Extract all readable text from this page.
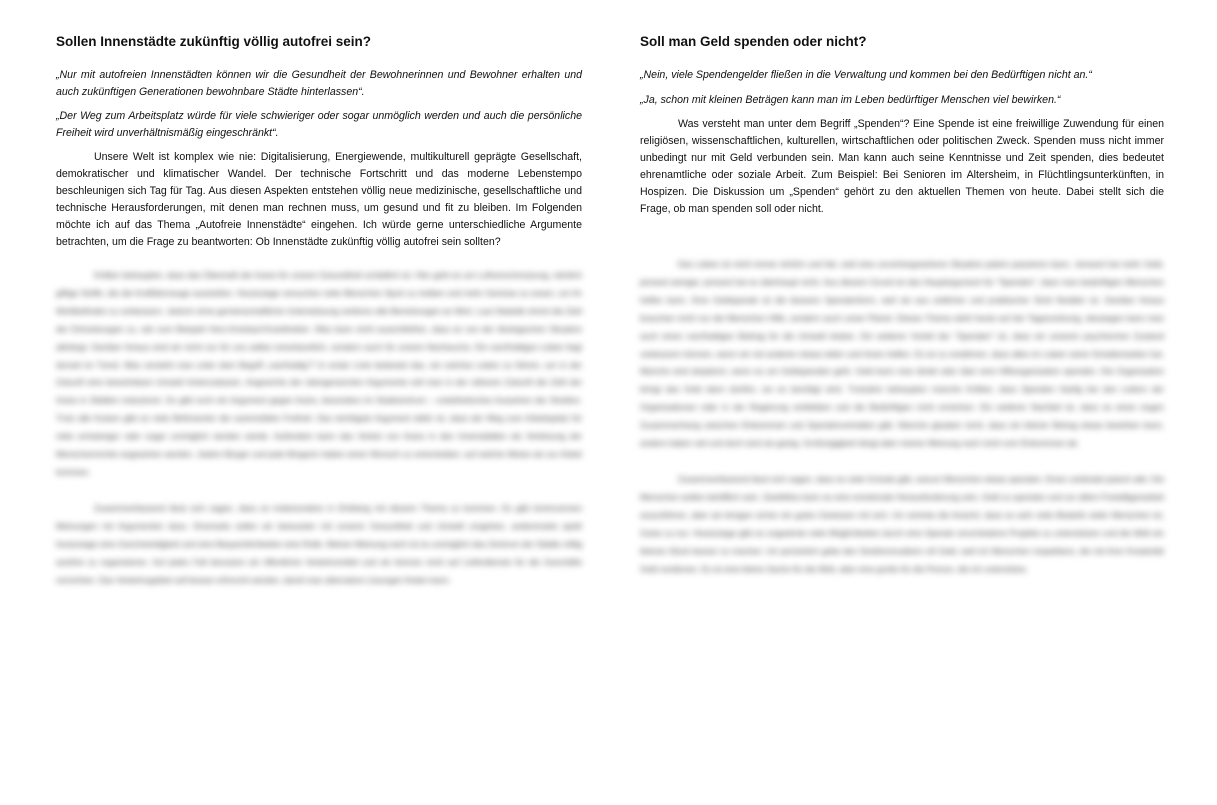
Sollen Innenstädte zukünftig völlig autofrei sein?

„Nur mit autofreien Innenstädten können wir die Gesundheit der Bewohnerinnen und Bewohner erhalten und auch zukünftigen Generationen bewohnbare Städte hinterlassen“.

„Der Weg zum Arbeitsplatz würde für viele schwieriger oder sogar unmöglich werden und auch die persönliche Freiheit wird unverhältnismäßig eingeschränkt“.

Unsere Welt ist komplex wie nie: Digitalisierung, Energiewende, multikulturell geprägte Gesellschaft, demokratischer und klimatischer Wandel. Der technische Fortschritt und das moderne Lebenstempo beschleunigen sich Tag für Tag. Aus diesen Aspekten entstehen völlig neue medizinische, gesellschaftliche und technische Herausforderungen, mit denen man rechnen muss, um gesund und fit zu bleiben. Im Folgenden möchte ich auf das Thema „Autofreie Innenstädte“ eingehen. Ich würde gerne unterschiedliche Argumente betrachten, um die Frage zu beantworten: Ob Innenstädte zukünftig völlig autofrei sein sollten?

Kritiker behaupten, dass das Übermaß der Autos für unsere Gesundheit schädlich ist. Hier geht es um Luftverschmutzung, nämlich giftige Stoffe, die die Kraftfahrzeuge ausstoßen. Heutzutage versuchen viele Menschen Sport zu treiben und mehr Gemüse zu essen, um ihr Wohlbefinden zu verbessern. Jedoch ohne gemeinschaftliche Unterstützung verlieren alle Bemühungen an Wert. Laut Statistik nimmt die Zahl der Erkrankungen zu, wie zum Beispiel Herz-Kreislauf-Krankheiten. Was kann nicht ausschließen, dass es von der ökologischen Situation abhängt. Darüber hinaus sind wir nicht nur für uns selbst verantwortlich, sondern auch für unsere Nachwuchs. Ein nachhaltiges Leben liegt derzeit im Trend. Was versteht man unter dem Begriff „nachhaltig“? In erster Linie bedeutet das, ein solches Leben zu führen, um in der Zukunft eine bewohnbare Umwelt hinterzulassen. Angesichts der obengenannten Argumente soll man in der näheren Zukunft die Zahl der Autos in Städten reduzieren. Es gibt noch ein Argument gegen Autos, besonders im Stadtzentrum – unästhetisches Aussehen der Straßen. Trotz alle Kutsen gibt es viele Befürworter der automobilen Freiheit. Das wichtigste Argument dafür ist, dass der Weg zum Arbeitsplatz für viele schwieriger oder sogar unmöglich werden würde. Außerdem kann das Verbot von Autos in den Innenstädten als Verletzung der Menschenrechte angesehen werden. Jedem Bürger und jede Bürgerin haben einen Wunsch zu entscheiden, auf welche Weise sie zur Arbeit kommen.

Zusammenfassend lässt sich sagen, dass es insbesondere in Einklang mit diesem Thema zu kommen. Es gibt kontroversen Meinungen mit Argumenten dazu. Einerseits sollen wir bewusster mit unserer Gesundheit und Umwelt umgehen, andererseits spielt heutzutage eine Geschwindigkeit und eine Bequemlichkeiten eine Rolle. Meiner Meinung nach ist es unmöglich das Zentrum der Städte völlig autofrei zu organisieren. Auf jeden Fall benutzen wir öffentliche Verkehrsmittel und wir können nicht auf Lieferdienste für die Geschäfte verzichten. Das Verkehrsgebiet soll besser erforscht werden, damit man alternative Lösungen finden kann.

Soll man Geld spenden oder nicht?

„Nein, viele Spendengelder fließen in die Verwaltung und kommen bei den Bedürftigen nicht an.“

„Ja, schon mit kleinen Beträgen kann man im Leben bedürftiger Menschen viel bewirken.“

Was versteht man unter dem Begriff „Spenden“? Eine Spende ist eine freiwillige Zuwendung für einen religiösen, wissenschaftlichen, kulturellen, wirtschaftlichen oder politischen Zweck. Spenden muss nicht immer unbedingt nur mit Geld verbunden sein. Man kann auch seine Kenntnisse und Zeit spenden, dies bedeutet ehrenamtliche oder soziale Arbeit. Zum Beispiel: Bei Senioren im Altersheim, in Flüchtlingsunterkünften, in Hospizen. Die Diskussion um „Spenden“ gehört zu den aktuellen Themen von heute. Dabei stellt sich die Frage, ob man spenden soll oder nicht.

Das Leben ist nicht immer ehrlich und fair, weil eine unvorhergesehene Situation jedem passieren kann. Jemand hat mehr Geld, jemand weniger, jemand hat es überhaupt nicht. Aus diesem Grund ist das Hauptargument für "Spenden", dass man bedürftigen Menschen helfen kann. Eine Geldspende ist die bessere Spendenform, weil sie aus zeitlicher und praktischer Sicht flexibler ist. Darüber hinaus brauchen nicht nur die Menschen Hilfe, sondern auch unser Planet. Dieses Thema steht heute auf der Tagesordnung, deswegen kann man auch einen nachhaltigen Beitrag für die Umwelt leisten. Ein weiterer Vorteil der "Spenden" ist, dass wir unseren psychischen Zustand verbessern können, wenn wir mit anderen etwas teilen und ihnen helfen. Es ist zu erwähnen, dass alles im Leben seine Schattenseiten hat. Manche sind skeptisch, wenn es um Geldspenden geht. Geld kann man direkt oder über eine Hilfsorganisation spenden. Die Organisation bringt das Geld dann dorthin, wo es benötigt wird. Trotzdem behaupten manche Kritiker, dass Spenden häufig bei den Leitern der Organisationen oder in der Regierung verbleiben und die Bedürftigen nicht erreichen. Ein weiterer Nachteil ist, dass es einen engen Zusammenhang zwischen Einkommen und Spendenverhalten gibt. Manche glauben nicht, dass ein kleiner Betrag etwas bewirken kann, andere haben viel und doch sind sie geizig. Großzügigkeit hängt aber meiner Meinung nach nicht vom Einkommen ab.

Zusammenfassend lässt sich sagen, dass es viele Gründe gibt, warum Menschen etwas spenden. Einen verbindet jedoch alle: Die Menschen wollen behilflich sein. Zweifellos kann es eine emotionale Herausforderung sein, Geld zu spenden und vor allem Freiwilligenarbeit auszuführen, aber sie bringen sicher ein gutes Gewissen mit sich. Ich vertrete die Ansicht, dass es sehr viele Bedarfe vieler Menschen ist, Gutes zu tun. Heutzutage gibt es ungeahnte viele Möglichkeiten durch eine Spende verschiedene Projekte zu unterstützen und die Welt ein kleines Stück besser zu machen. Ich persönlich gebe den Straßenmusikern oft Geld, weil ich Menschen respektiere, die mit ihrer Kreativität Geld verdienen. Es ist eine kleine Sache für die Welt, aber eine große für die Person, die ich unterstütze.
